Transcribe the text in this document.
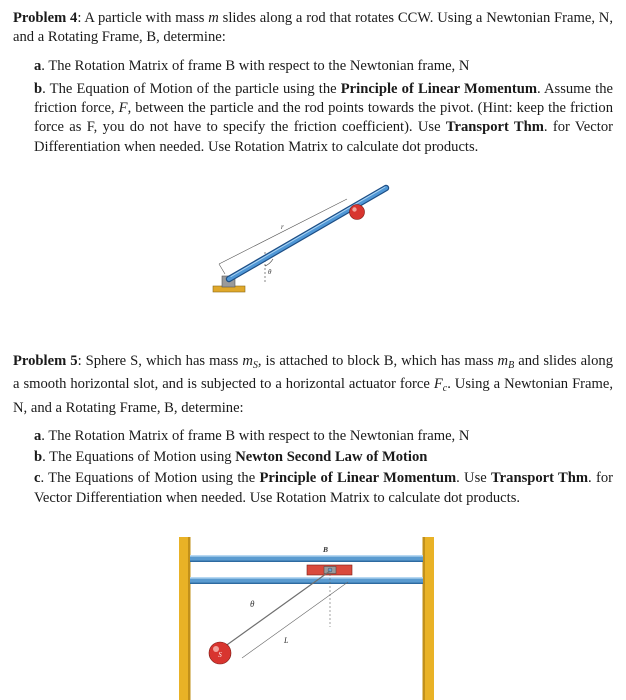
Problem 4: A particle with mass m slides along a rod that rotates CCW. Using a Newtonian Frame, N, and a Rotating Frame, B, determine:

a. The Rotation Matrix of frame B with respect to the Newtonian frame, N
b. The Equation of Motion of the particle using the Principle of Linear Momentum. Assume the friction force, F, between the particle and the rod points towards the pivot. (Hint: keep the friction force as F, you do not have to specify the friction coefficient). Use Transport Thm. for Vector Differentiation when needed. Use Rotation Matrix to calculate dot products.
θ
r

Problem 5: Sphere S, which has mass $m_S$, is attached to block B, which has mass $m_B$ and slides along a smooth horizontal slot, and is subjected to a horizontal actuator force $F_c$. Using a Newtonian Frame, N, and a Rotating Frame, B, determine:

a. The Rotation Matrix of frame B with respect to the Newtonian frame, N
b. The Equations of Motion using Newton Second Law of Motion
c. The Equations of Motion using the Principle of Linear Momentum. Use Transport Thm. for Vector Differentiation when needed. Use Rotation Matrix to calculate dot products.
B
L
θ
S
